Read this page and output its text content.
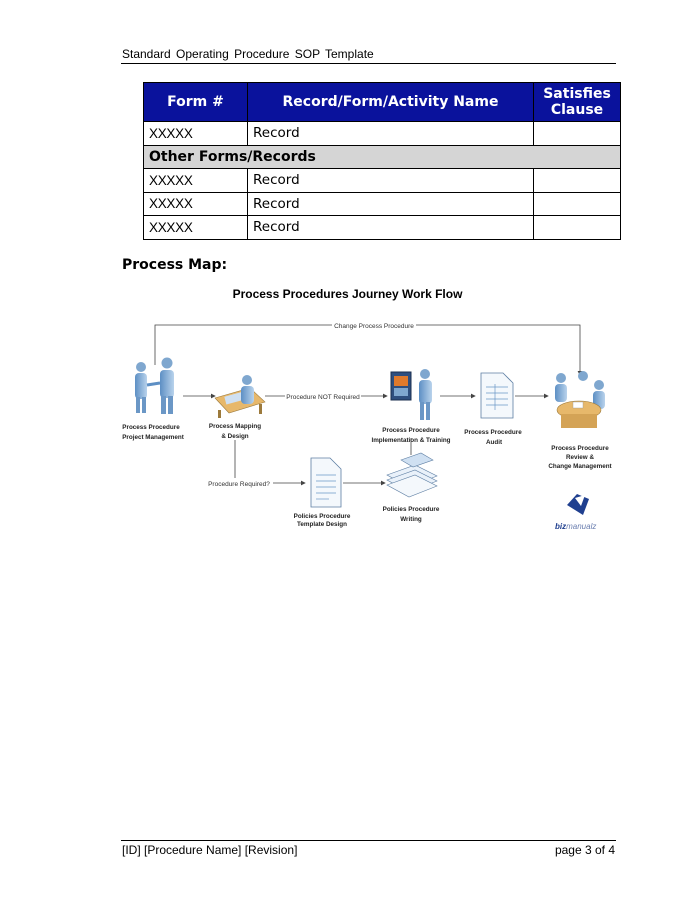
Standard Operating Procedure SOP Template
Form #	Record/Form/Activity Name	Satisfies Clause
XXXXX	Record	
Other Forms/Records		
XXXXX	Record	
XXXXX	Record	
XXXXX	Record	
Process Map:
Process Procedures Journey Work Flow
Change Process Procedure
Procedure NOT Required
Procedure Required?
Process Procedure
Project Management
Process Mapping
& Design
Process Procedure
Implementation & Training
Process Procedure
Audit
Process Procedure
Review &
Change Management
Policies Procedure
Template Design
Policies Procedure
Writing
bizmanualz
[ID] [Procedure Name] [Revision]	page 3 of 4
